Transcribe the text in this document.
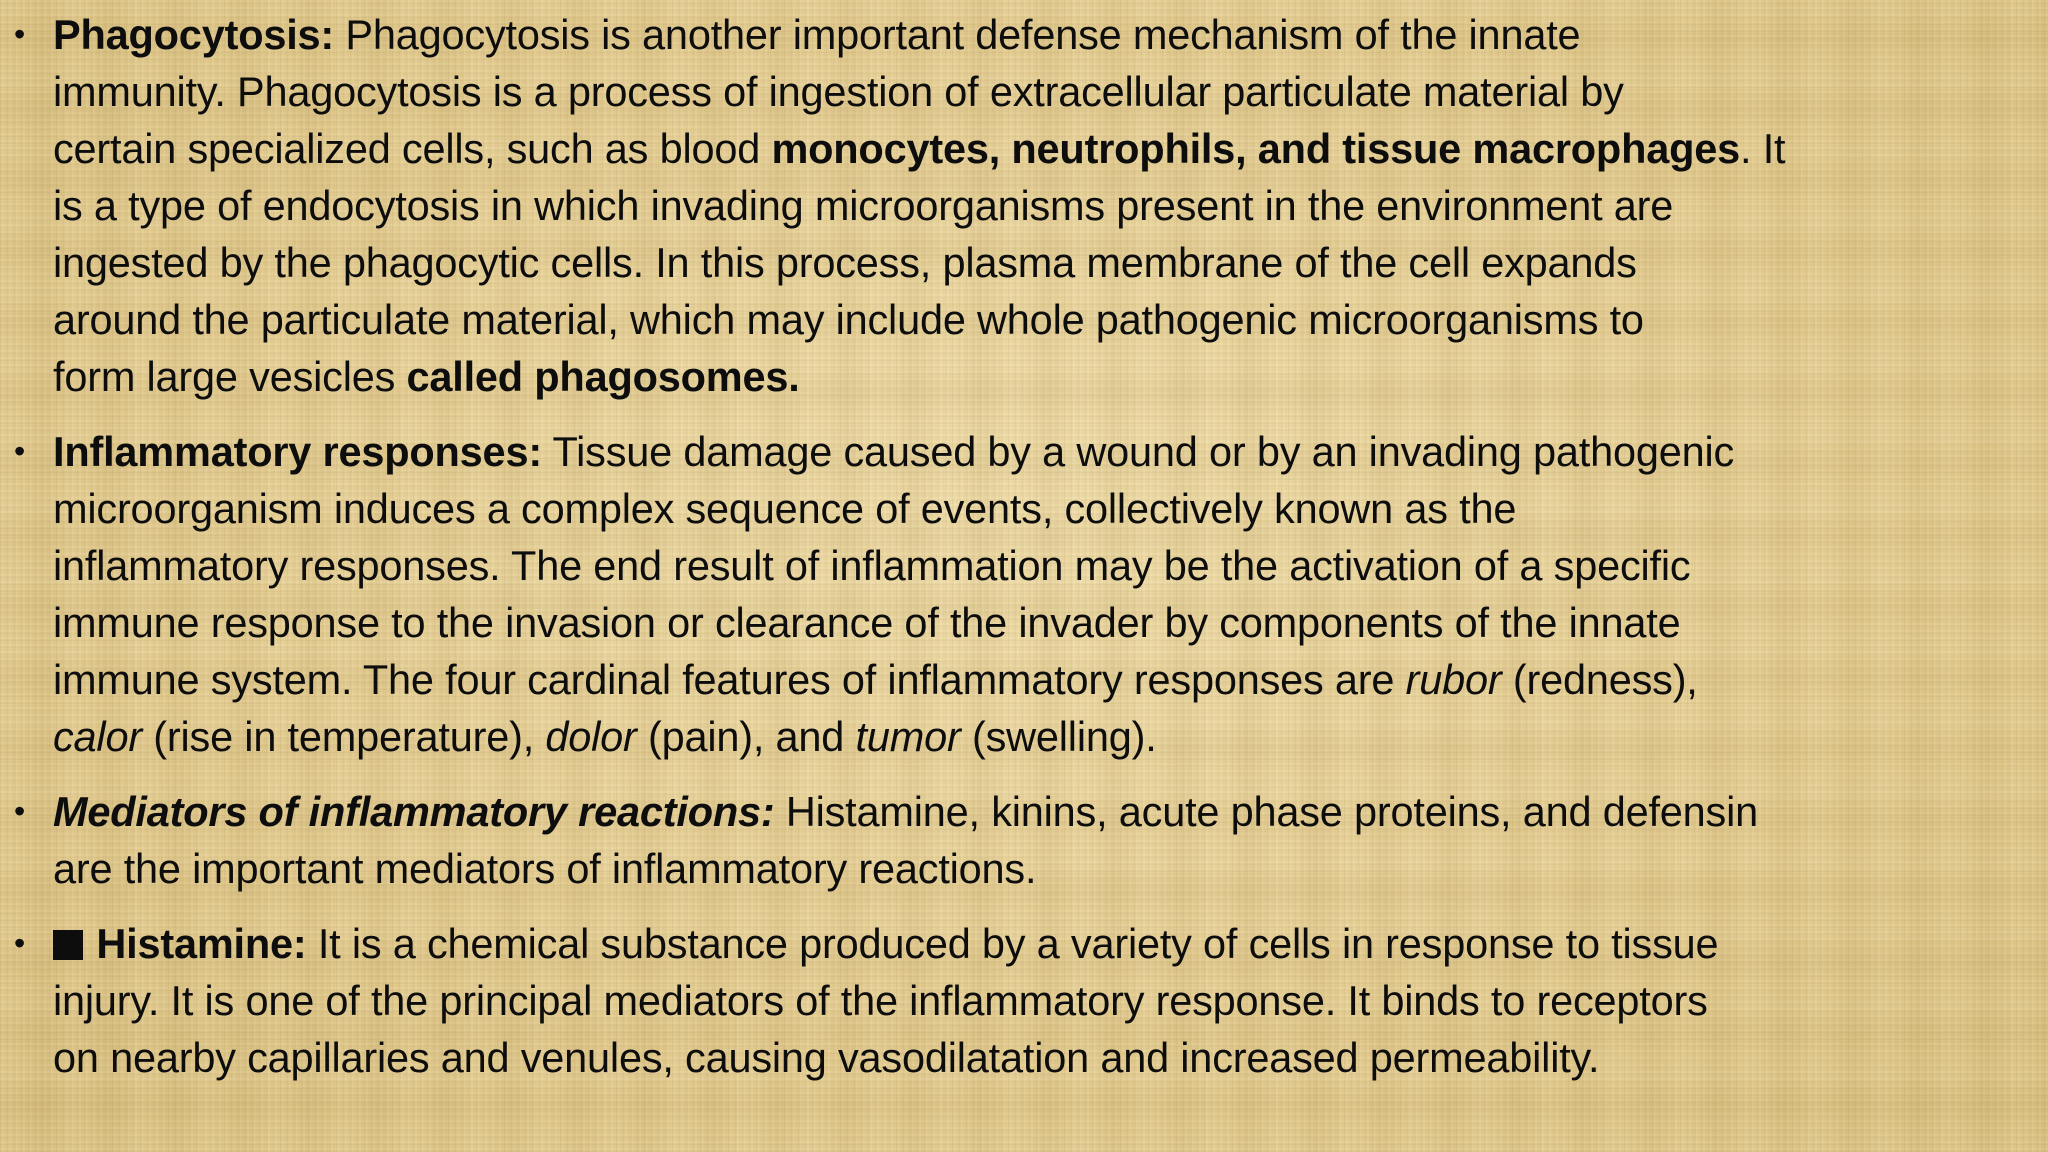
• Phagocytosis: Phagocytosis is another important defense mechanism of the innate
immunity. Phagocytosis is a process of ingestion of extracellular particulate material by
certain specialized cells, such as blood monocytes, neutrophils, and tissue macrophages. It
is a type of endocytosis in which invading microorganisms present in the environment are
ingested by the phagocytic cells. In this process, plasma membrane of the cell expands
around the particulate material, which may include whole pathogenic microorganisms to
form large vesicles called phagosomes.
• Inflammatory responses: Tissue damage caused by a wound or by an invading pathogenic
microorganism induces a complex sequence of events, collectively known as the
inflammatory responses. The end result of inflammation may be the activation of a specific
immune response to the invasion or clearance of the invader by components of the innate
immune system. The four cardinal features of inflammatory responses are rubor (redness),
calor (rise in temperature), dolor (pain), and tumor (swelling).
• Mediators of inflammatory reactions: Histamine, kinins, acute phase proteins, and defensin
are the important mediators of inflammatory reactions.
•	Histamine: It is a chemical substance produced by a variety of cells in response to tissue
injury. It is one of the principal mediators of the inflammatory response. It binds to receptors
on nearby capillaries and venules, causing vasodilatation and increased permeability.
